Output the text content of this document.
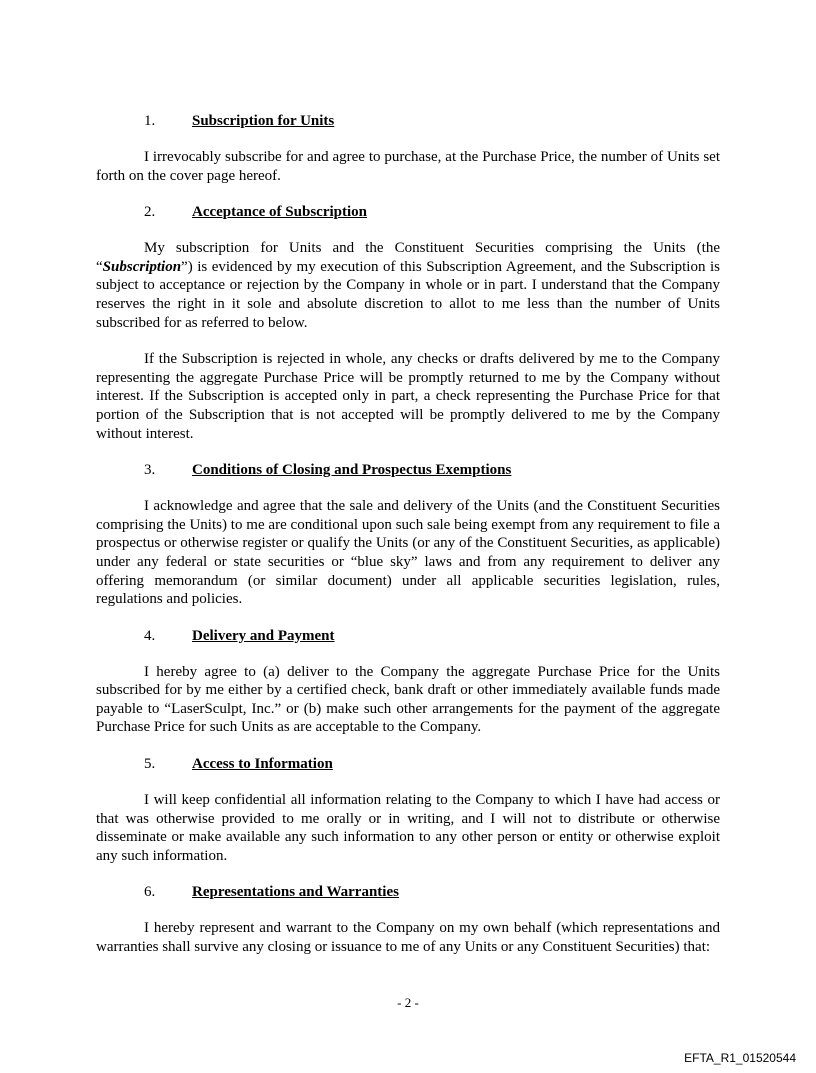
1.	Subscription for Units

I irrevocably subscribe for and agree to purchase, at the Purchase Price, the number of Units set forth on the cover page hereof.

2.	Acceptance of Subscription

My subscription for Units and the Constituent Securities comprising the Units (the “Subscription”) is evidenced by my execution of this Subscription Agreement, and the Subscription is subject to acceptance or rejection by the Company in whole or in part. I understand that the Company reserves the right in it sole and absolute discretion to allot to me less than the number of Units subscribed for as referred to below.

If the Subscription is rejected in whole, any checks or drafts delivered by me to the Company representing the aggregate Purchase Price will be promptly returned to me by the Company without interest. If the Subscription is accepted only in part, a check representing the Purchase Price for that portion of the Subscription that is not accepted will be promptly delivered to me by the Company without interest.

3.	Conditions of Closing and Prospectus Exemptions

I acknowledge and agree that the sale and delivery of the Units (and the Constituent Securities comprising the Units) to me are conditional upon such sale being exempt from any requirement to file a prospectus or otherwise register or qualify the Units (or any of the Constituent Securities, as applicable) under any federal or state securities or “blue sky” laws and from any requirement to deliver any offering memorandum (or similar document) under all applicable securities legislation, rules, regulations and policies.

4.	Delivery and Payment

I hereby agree to (a) deliver to the Company the aggregate Purchase Price for the Units subscribed for by me either by a certified check, bank draft or other immediately available funds made payable to “LaserSculpt, Inc.” or (b) make such other arrangements for the payment of the aggregate Purchase Price for such Units as are acceptable to the Company.

5.	Access to Information

I will keep confidential all information relating to the Company to which I have had access or that was otherwise provided to me orally or in writing, and I will not to distribute or otherwise disseminate or make available any such information to any other person or entity or otherwise exploit any such information.

6.	Representations and Warranties

I hereby represent and warrant to the Company on my own behalf (which representations and warranties shall survive any closing or issuance to me of any Units or any Constituent Securities) that:

- 2 -
EFTA_R1_01520544
